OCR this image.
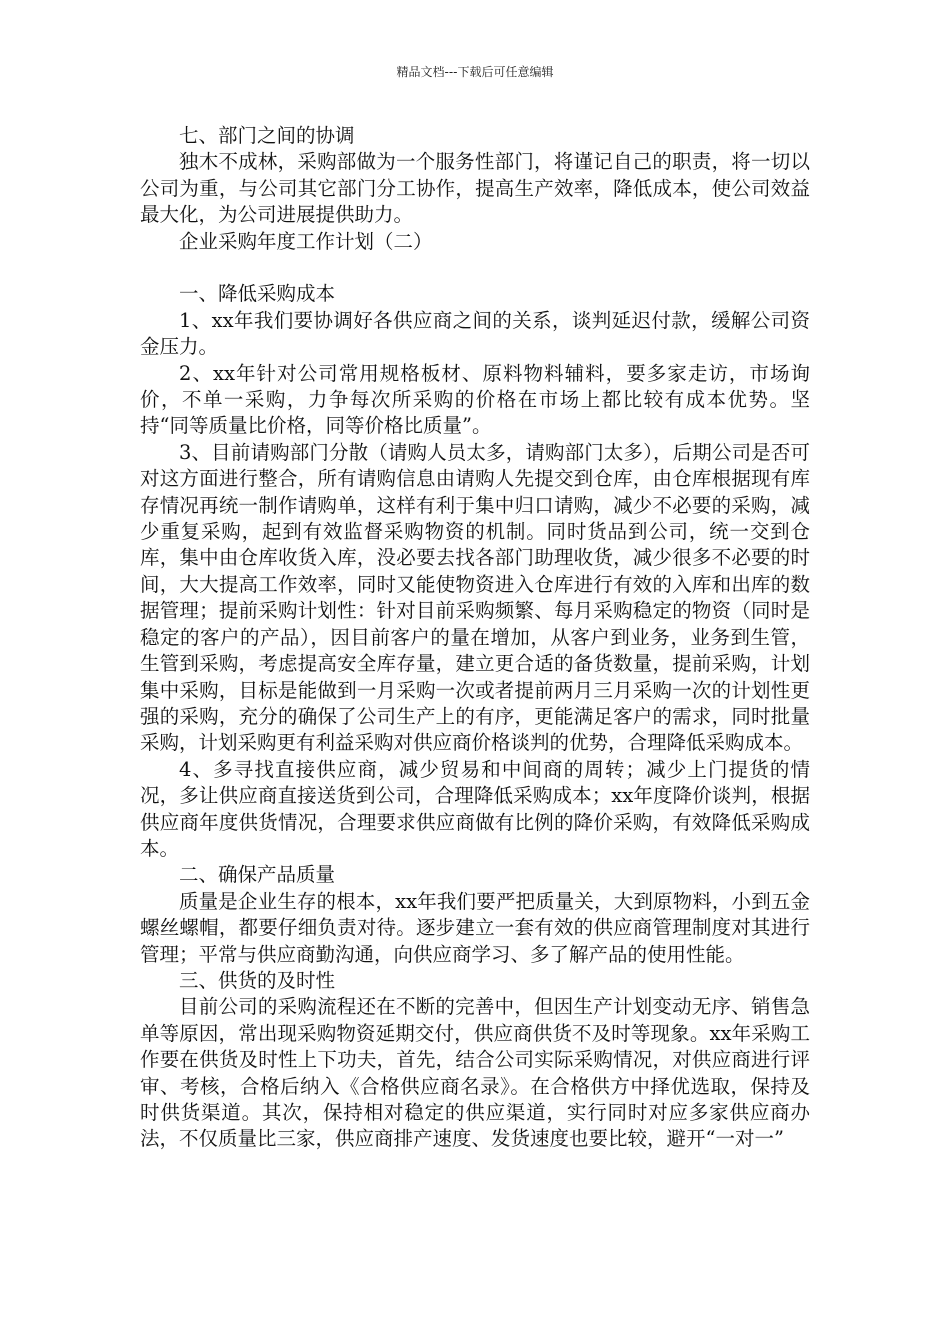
精品文档---下载后可任意编辑

七、部门之间的协调

独木不成林，采购部做为一个服务性部门，将谨记自己的职责，将一切以公司为重，与公司其它部门分工协作，提高生产效率，降低成本，使公司效益最大化，为公司进展提供助力。

企业采购年度工作计划（二）

一、降低采购成本

1、xx年我们要协调好各供应商之间的关系，谈判延迟付款，缓解公司资金压力。

2、xx年针对公司常用规格板材、原料物料辅料，要多家走访，市场询价，不单一采购，力争每次所采购的价格在市场上都比较有成本优势。坚持“同等质量比价格，同等价格比质量”。

3、目前请购部门分散（请购人员太多，请购部门太多），后期公司是否可对这方面进行整合，所有请购信息由请购人先提交到仓库，由仓库根据现有库存情况再统一制作请购单，这样有利于集中归口请购，减少不必要的采购，减少重复采购，起到有效监督采购物资的机制。同时货品到公司，统一交到仓库，集中由仓库收货入库，没必要去找各部门助理收货，减少很多不必要的时间，大大提高工作效率，同时又能使物资进入仓库进行有效的入库和出库的数据管理；提前采购计划性：针对目前采购频繁、每月采购稳定的物资（同时是稳定的客户的产品），因目前客户的量在增加，从客户到业务，业务到生管，生管到采购，考虑提高安全库存量，建立更合适的备货数量，提前采购，计划集中采购，目标是能做到一月采购一次或者提前两月三月采购一次的计划性更强的采购，充分的确保了公司生产上的有序，更能满足客户的需求，同时批量采购，计划采购更有利益采购对供应商价格谈判的优势，合理降低采购成本。

4、多寻找直接供应商，减少贸易和中间商的周转；减少上门提货的情况，多让供应商直接送货到公司，合理降低采购成本；xx年度降价谈判，根据供应商年度供货情况，合理要求供应商做有比例的降价采购，有效降低采购成本。

二、确保产品质量

质量是企业生存的根本，xx年我们要严把质量关，大到原物料，小到五金螺丝螺帽，都要仔细负责对待。逐步建立一套有效的供应商管理制度对其进行管理；平常与供应商勤沟通，向供应商学习、多了解产品的使用性能。

三、供货的及时性

目前公司的采购流程还在不断的完善中，但因生产计划变动无序、销售急单等原因，常出现采购物资延期交付，供应商供货不及时等现象。xx年采购工作要在供货及时性上下功夫，首先，结合公司实际采购情况，对供应商进行评审、考核，合格后纳入《合格供应商名录》。在合格供方中择优选取，保持及时供货渠道。其次，保持相对稳定的供应渠道，实行同时对应多家供应商办法，不仅质量比三家，供应商排产速度、发货速度也要比较，避开“一对一”
